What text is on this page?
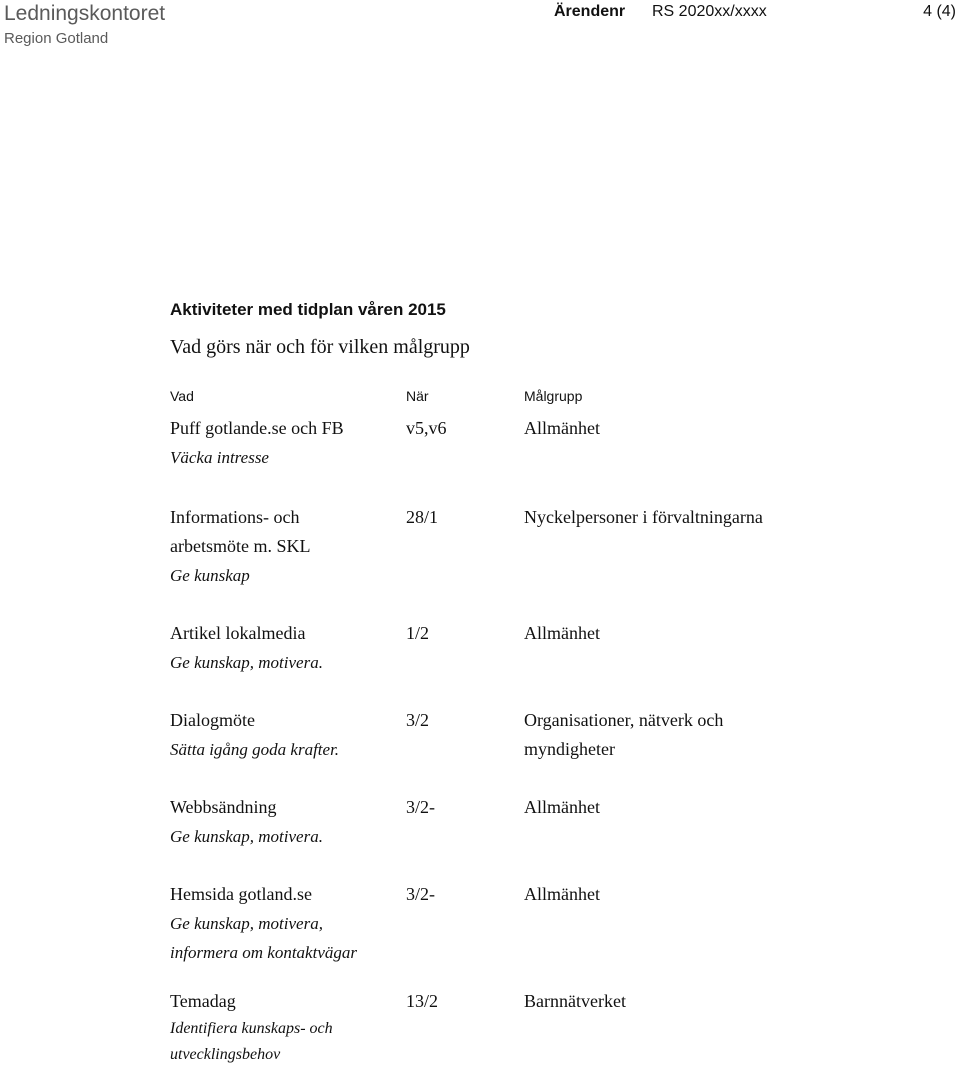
Ledningskontoret
Region Gotland
Ärendenr RS 2020xx/xxxx	4 (4)
Aktiviteter med tidplan våren 2015
Vad görs när och för vilken målgrupp
Vad	När	Målgrupp
Puff gotlande.se och FB
Väcka intresse
v5,v6	Allmänhet
Informations- och
arbetsmöte m. SKL
Ge kunskap
28/1	Nyckelpersoner i förvaltningarna
Artikel lokalmedia
Ge kunskap, motivera.
1/2	Allmänhet
Dialogmöte
Sätta igång goda krafter.
3/2	Organisationer, nätverk och
myndigheter
Webbsändning
Ge kunskap, motivera.
3/2-	Allmänhet
Hemsida gotland.se
Ge kunskap, motivera,
informera om kontaktvägar
3/2-	Allmänhet
Temadag
Identifiera kunskaps- och
utvecklingsbehov
13/2	Barnnätverket
